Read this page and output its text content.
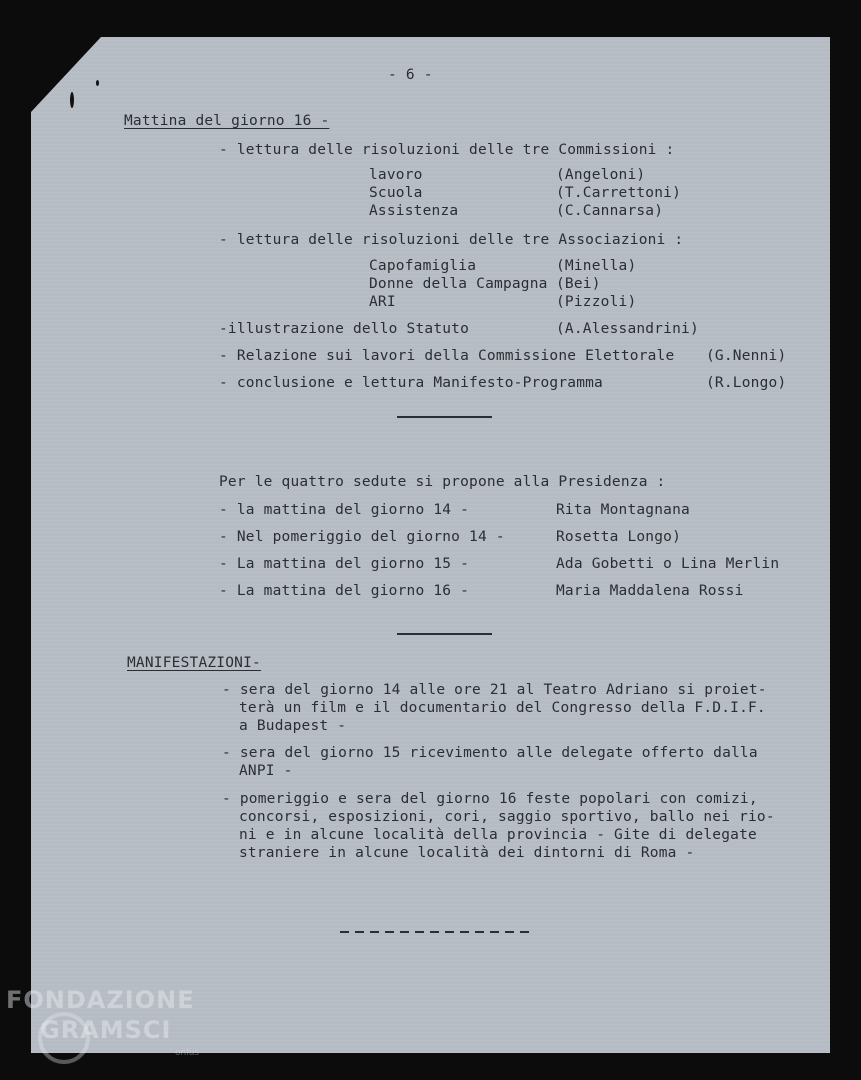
- 6 -
Mattina del giorno 16 -
- lettura delle risoluzioni delle tre Commissioni :
lavoro	(Angeloni)
Scuola	(T.Carrettoni)
Assistenza	(C.Cannarsa)
- lettura delle risoluzioni delle tre Associazioni :
Capofamiglia	(Minella)
Donne della Campagna (Bei)
ARI	(Pizzoli)
-illustrazione dello Statuto	(A.Alessandrini)
- Relazione sui lavori della Commissione Elettorale (G.Nenni)
- conclusione e lettura Manifesto-Programma	(R.Longo)
Per le quattro sedute si propone alla Presidenza :
- la mattina del giorno 14 -	Rita Montagnana
- Nel pomeriggio del giorno 14 -	Rosetta Longo)
- La mattina del giorno 15 -	Ada Gobetti o Lina Merlin
- La mattina del giorno 16 -	Maria Maddalena Rossi
MANIFESTAZIONI-
- sera del giorno 14 alle ore 21 al Teatro Adriano si proiet-
terà un film e il documentario del Congresso della F.D.I.F.
a Budapest -
- sera del giorno 15 ricevimento alle delegate offerto dalla
ANPI -
- pomeriggio e sera del giorno 16 feste popolari con comizi,
concorsi, esposizioni, cori, saggio sportivo, ballo nei rio-
ni e in alcune località della provincia - Gite di delegate
straniere in alcune località dei dintorni di Roma -
FONDAZIONE
GRAMSCI
onlus
